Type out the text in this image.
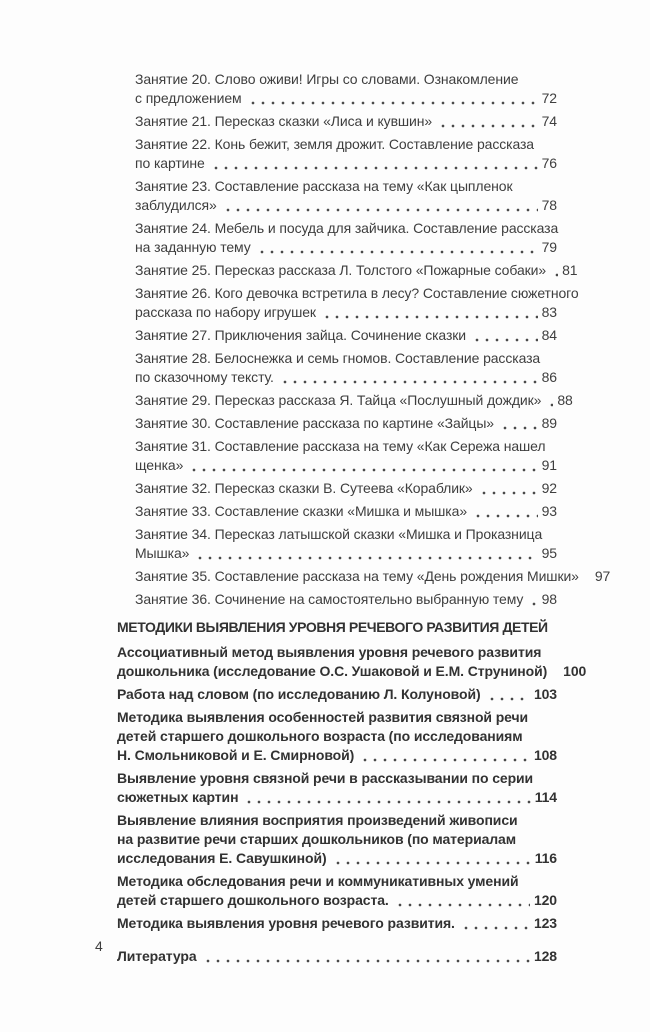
Занятие 20. Слово оживи! Игры со словами. Ознакомление
с предложением	72
Занятие 21. Пересказ сказки «Лиса и кувшин»	74
Занятие 22. Конь бежит, земля дрожит. Составление рассказа
по картине	76
Занятие 23. Составление рассказа на тему «Как цыпленок
заблудился»	78
Занятие 24. Мебель и посуда для зайчика. Составление рассказа
на заданную тему	79
Занятие 25. Пересказ рассказа Л. Толстого «Пожарные собаки» 81
Занятие 26. Кого девочка встретила в лесу? Составление сюжетного
рассказа по набору игрушек	83
Занятие 27. Приключения зайца. Сочинение сказки	84
Занятие 28. Белоснежка и семь гномов. Составление рассказа
по сказочному тексту.	86
Занятие 29. Пересказ рассказа Я. Тайца «Послушный дождик» 88
Занятие 30. Составление рассказа по картине «Зайцы»	89
Занятие 31. Составление рассказа на тему «Как Сережа нашел
щенка»	91
Занятие 32. Пересказ сказки В. Сутеева «Кораблик»	92
Занятие 33. Составление сказки «Мишка и мышка»	93
Занятие 34. Пересказ латышской сказки «Мишка и Проказница
Мышка»	95
Занятие 35. Составление рассказа на тему «День рождения Мишки» 97
Занятие 36. Сочинение на самостоятельно выбранную тему 98
МЕТОДИКИ ВЫЯВЛЕНИЯ УРОВНЯ РЕЧЕВОГО РАЗВИТИЯ ДЕТЕЙ
Ассоциативный метод выявления уровня речевого развития
дошкольника (исследование О.С. Ушаковой и Е.М. Струниной) 100
Работа над словом (по исследованию Л. Колуновой)	103
Методика выявления особенностей развития связной речи
детей старшего дошкольного возраста (по исследованиям
Н. Смольниковой и Е. Смирновой)	108
Выявление уровня связной речи в рассказывании по серии
сюжетных картин	114
Выявление влияния восприятия произведений живописи
на развитие речи старших дошкольников (по материалам
исследования Е. Савушкиной)	116
Методика обследования речи и коммуникативных умений
детей старшего дошкольного возраста.	120
Методика выявления уровня речевого развития.	123
Литература	128
4
